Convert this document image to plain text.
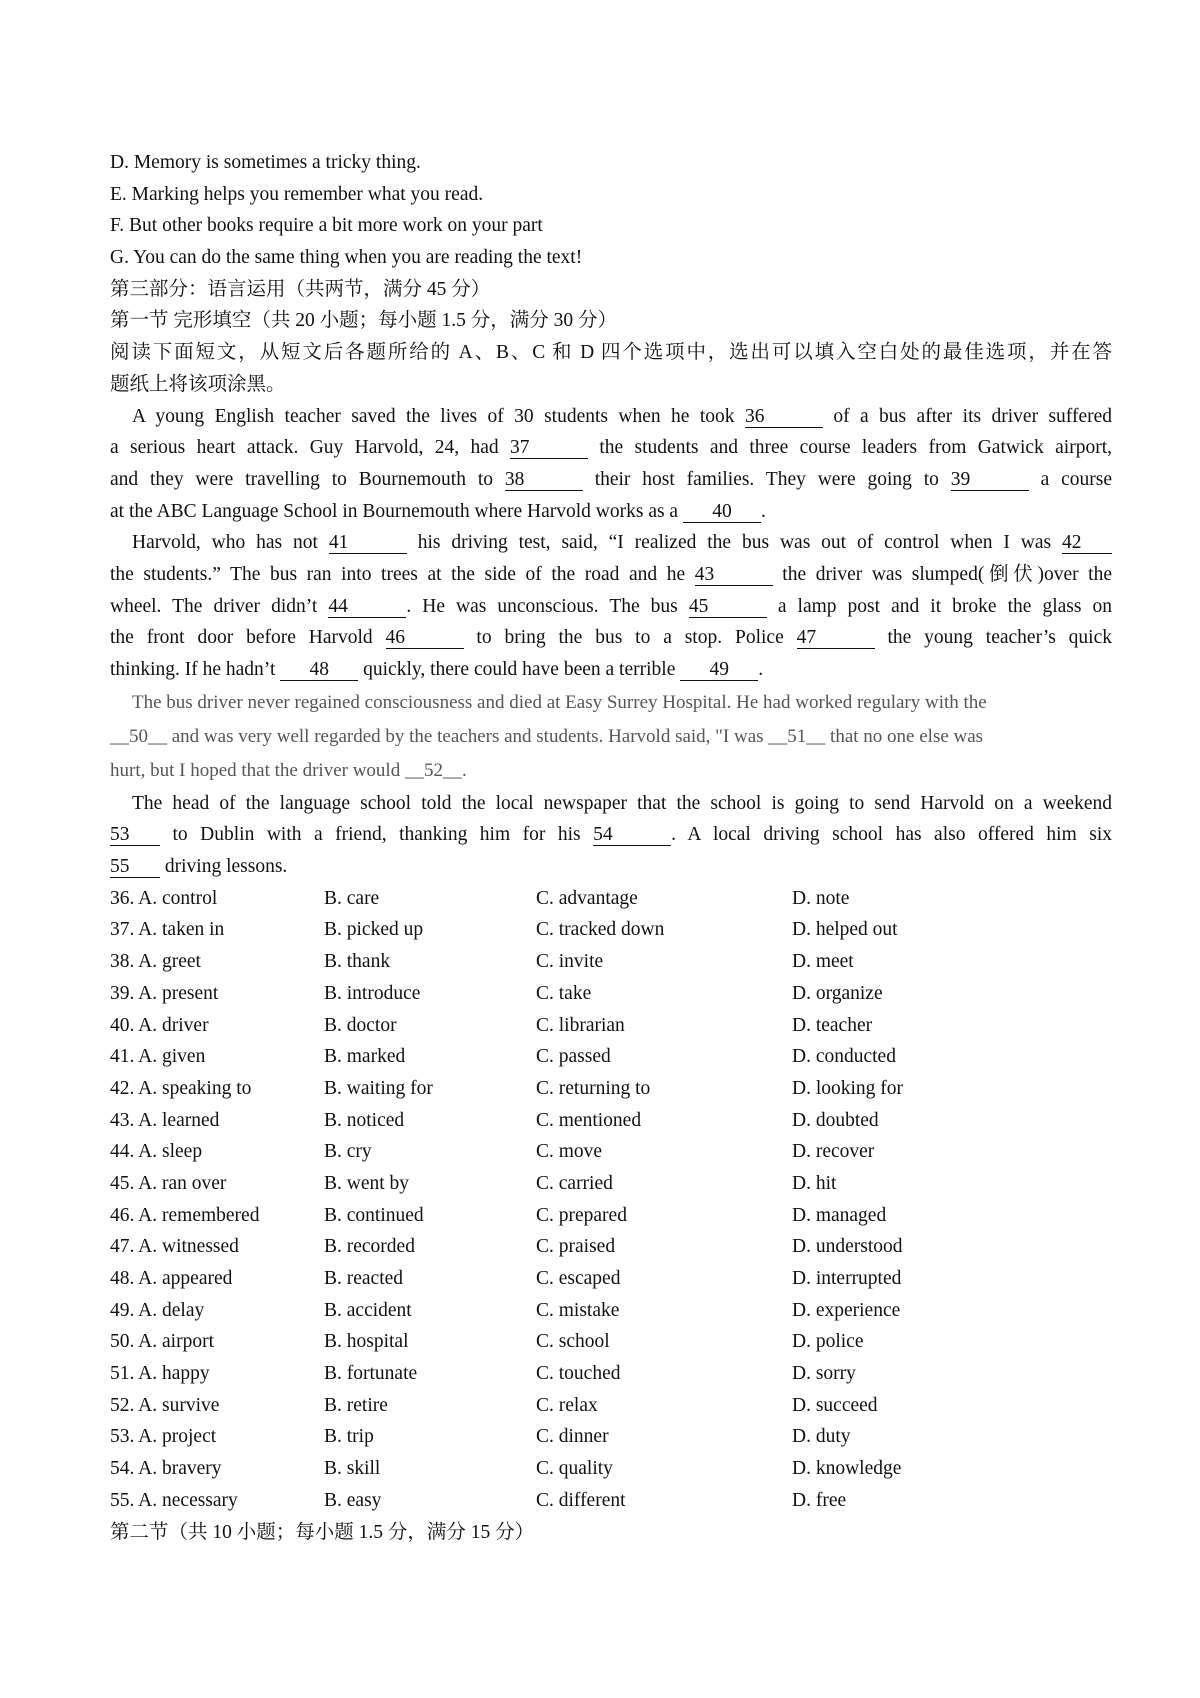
D. Memory is sometimes a tricky thing.
E. Marking helps you remember what you read.
F. But other books require a bit more work on your part
G. You can do the same thing when you are reading the text!
第三部分：语言运用（共两节，满分 45 分）
第一节 完形填空（共 20 小题；每小题 1.5 分，满分 30 分）
阅读下面短文，从短文后各题所给的 A、B、C 和 D 四个选项中，选出可以填入空白处的最佳选项，并在答
题纸上将该项涂黑。
A young English teacher saved the lives of 30 students when he took 36	of a bus after its driver suffered
a serious heart attack. Guy Harvold, 24, had 37	the students and three course leaders from Gatwick airport,
and they were travelling to Bournemouth to 38	their host families. They were going to 39	a course
at the ABC Language School in Bournemouth where Harvold works as a 40 .
Harvold, who has not 41	his driving test, said, “I realized the bus was out of control when I was 42
the students.” The bus ran into trees at the side of the road and he 43	the driver was slumped(倒伏)over the
wheel. The driver didn’t 44	. He was unconscious. The bus 45	a lamp post and it broke the glass on
the front door before Harvold 46	to bring the bus to a stop. Police 47	the young teacher’s quick
thinking. If he hadn’t 48 quickly, there could have been a terrible 49 .
The bus driver never regained consciousness and died at Easy Surrey Hospital. He had worked regulary with the
__50__ and was very well regarded by the teachers and students. Harvold said, "I was __51__ that no one else was
hurt, but I hoped that the driver would __52__.
The head of the language school told the local newspaper that the school is going to send Harvold on a weekend
53 to Dublin with a friend, thanking him for his 54	. A local driving school has also offered him six
55 driving lessons.
36. A. control	B. care	C. advantage	D. note
37. A. taken in	B. picked up	C. tracked down	D. helped out
38. A. greet	B. thank	C. invite	D. meet
39. A. present	B. introduce	C. take	D. organize
40. A. driver	B. doctor	C. librarian	D. teacher
41. A. given	B. marked	C. passed	D. conducted
42. A. speaking to	B. waiting for	C. returning to	D. looking for
43. A. learned	B. noticed	C. mentioned	D. doubted
44. A. sleep	B. cry	C. move	D. recover
45. A. ran over	B. went by	C. carried	D. hit
46. A. remembered	B. continued	C. prepared	D. managed
47. A. witnessed	B. recorded	C. praised	D. understood
48. A. appeared	B. reacted	C. escaped	D. interrupted
49. A. delay	B. accident	C. mistake	D. experience
50. A. airport	B. hospital	C. school	D. police
51. A. happy	B. fortunate	C. touched	D. sorry
52. A. survive	B. retire	C. relax	D. succeed
53. A. project	B. trip	C. dinner	D. duty
54. A. bravery	B. skill	C. quality	D. knowledge
55. A. necessary	B. easy	C. different	D. free
第二节（共 10 小题；每小题 1.5 分，满分 15 分）
